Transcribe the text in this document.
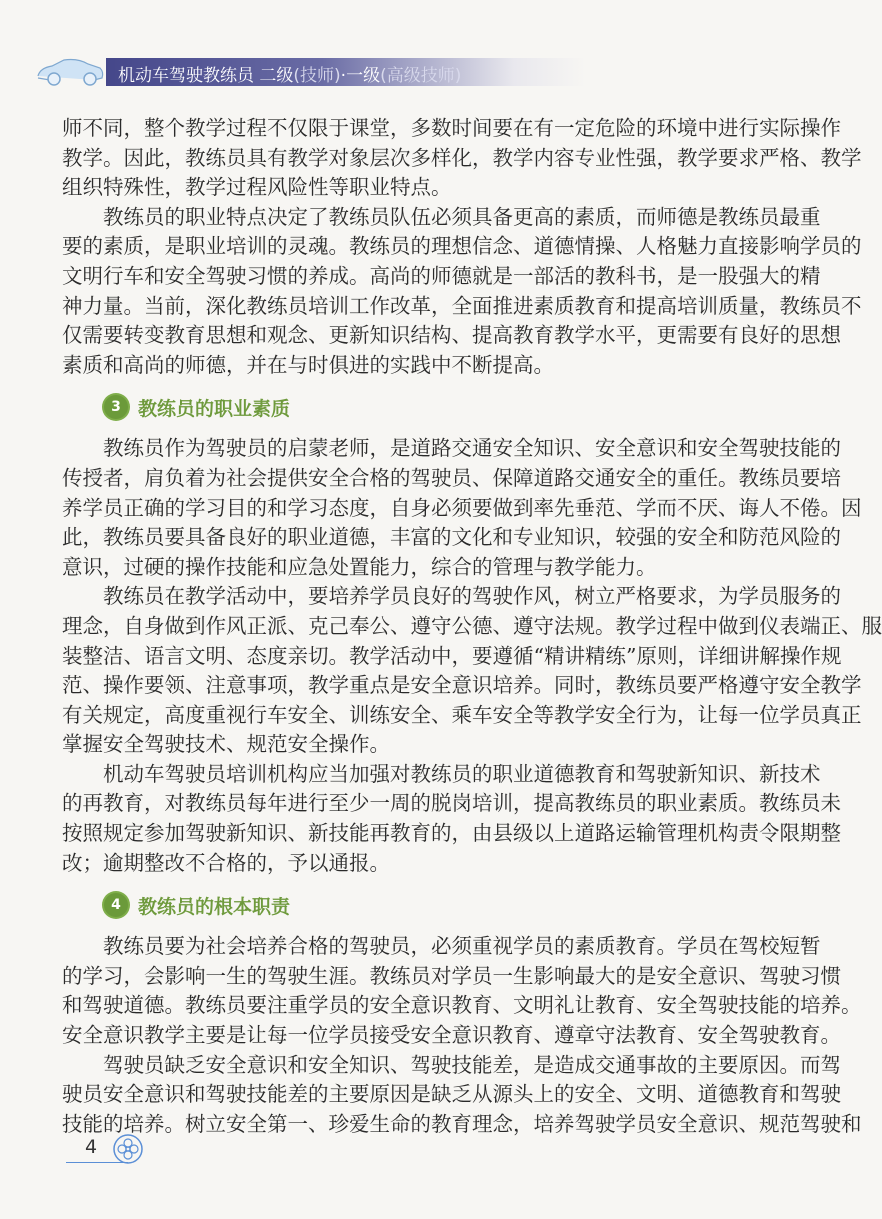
机动车驾驶教练员 二级(技师)·一级(高级技师)
师不同，整个教学过程不仅限于课堂，多数时间要在有一定危险的环境中进行实际操作
教学。因此，教练员具有教学对象层次多样化，教学内容专业性强，教学要求严格、教学
组织特殊性，教学过程风险性等职业特点。
教练员的职业特点决定了教练员队伍必须具备更高的素质，而师德是教练员最重
要的素质，是职业培训的灵魂。教练员的理想信念、道德情操、人格魅力直接影响学员的
文明行车和安全驾驶习惯的养成。高尚的师德就是一部活的教科书，是一股强大的精
神力量。当前，深化教练员培训工作改革，全面推进素质教育和提高培训质量，教练员不
仅需要转变教育思想和观念、更新知识结构、提高教育教学水平，更需要有良好的思想
素质和高尚的师德，并在与时俱进的实践中不断提高。
3 教练员的职业素质
教练员作为驾驶员的启蒙老师，是道路交通安全知识、安全意识和安全驾驶技能的
传授者，肩负着为社会提供安全合格的驾驶员、保障道路交通安全的重任。教练员要培
养学员正确的学习目的和学习态度，自身必须要做到率先垂范、学而不厌、诲人不倦。因
此，教练员要具备良好的职业道德，丰富的文化和专业知识，较强的安全和防范风险的
意识，过硬的操作技能和应急处置能力，综合的管理与教学能力。
教练员在教学活动中，要培养学员良好的驾驶作风，树立严格要求，为学员服务的
理念，自身做到作风正派、克己奉公、遵守公德、遵守法规。教学过程中做到仪表端正、服
装整洁、语言文明、态度亲切。教学活动中，要遵循“精讲精练”原则，详细讲解操作规
范、操作要领、注意事项，教学重点是安全意识培养。同时，教练员要严格遵守安全教学
有关规定，高度重视行车安全、训练安全、乘车安全等教学安全行为，让每一位学员真正
掌握安全驾驶技术、规范安全操作。
机动车驾驶员培训机构应当加强对教练员的职业道德教育和驾驶新知识、新技术
的再教育，对教练员每年进行至少一周的脱岗培训，提高教练员的职业素质。教练员未
按照规定参加驾驶新知识、新技能再教育的，由县级以上道路运输管理机构责令限期整
改；逾期整改不合格的，予以通报。
4 教练员的根本职责
教练员要为社会培养合格的驾驶员，必须重视学员的素质教育。学员在驾校短暂
的学习，会影响一生的驾驶生涯。教练员对学员一生影响最大的是安全意识、驾驶习惯
和驾驶道德。教练员要注重学员的安全意识教育、文明礼让教育、安全驾驶技能的培养。
安全意识教学主要是让每一位学员接受安全意识教育、遵章守法教育、安全驾驶教育。
驾驶员缺乏安全意识和安全知识、驾驶技能差，是造成交通事故的主要原因。而驾
驶员安全意识和驾驶技能差的主要原因是缺乏从源头上的安全、文明、道德教育和驾驶
技能的培养。树立安全第一、珍爱生命的教育理念，培养驾驶学员安全意识、规范驾驶和
4
